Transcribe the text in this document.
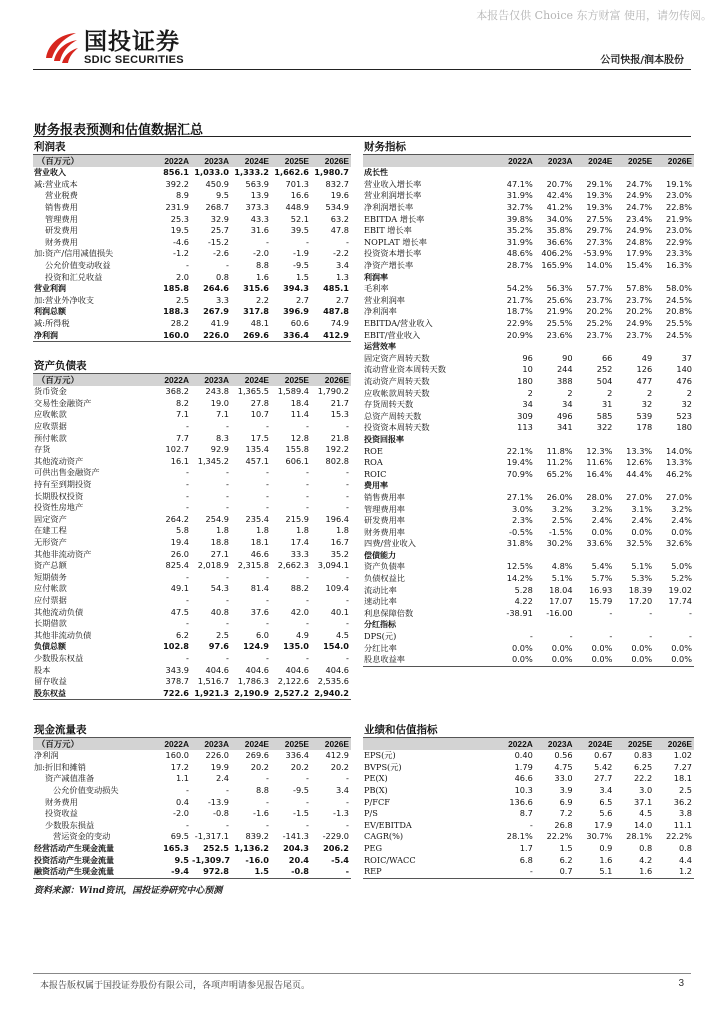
本报告仅供 Choice 东方财富 使用，请勿传阅。
国投证券
SDIC SECURITIES	公司快报/润本股份
财务报表预测和估值数据汇总
利润表
（百万元）	2022A	2023A	2024E	2025E	2026E
营业收入	856.1	1,033.0	1,333.2	1,662.6	1,980.7
减:营业成本	392.2	450.9	563.9	701.3	832.7
营业税费	8.9	9.5	13.9	16.6	19.6
销售费用	231.9	268.7	373.3	448.9	534.9
管理费用	25.3	32.9	43.3	52.1	63.2
研发费用	19.5	25.7	31.6	39.5	47.8
财务费用	-4.6	-15.2	-	-	-
加:资产/信用减值损失	-1.2	-2.6	-2.0	-1.9	-2.2
公允价值变动收益	-	-	8.8	-9.5	3.4
投资和汇兑收益	2.0	0.8	1.6	1.5	1.3
营业利润	185.8	264.6	315.6	394.3	485.1
加:营业外净收支	2.5	3.3	2.2	2.7	2.7
利润总额	188.3	267.9	317.8	396.9	487.8
减:所得税	28.2	41.9	48.1	60.6	74.9
净利润	160.0	226.0	269.6	336.4	412.9
资产负债表
（百万元）	2022A	2023A	2024E	2025E	2026E
货币资金	368.2	243.8	1,365.5	1,589.4	1,790.2
交易性金融资产	8.2	19.0	27.8	18.4	21.7
应收帐款	7.1	7.1	10.7	11.4	15.3
应收票据	-	-	-	-	-
预付帐款	7.7	8.3	17.5	12.8	21.8
存货	102.7	92.9	135.4	155.8	192.2
其他流动资产	16.1	1,345.2	457.1	606.1	802.8
可供出售金融资产	-	-	-	-	-
持有至到期投资	-	-	-	-	-
长期股权投资	-	-	-	-	-
投资性房地产	-	-	-	-	-
固定资产	264.2	254.9	235.4	215.9	196.4
在建工程	5.8	1.8	1.8	1.8	1.8
无形资产	19.4	18.8	18.1	17.4	16.7
其他非流动资产	26.0	27.1	46.6	33.3	35.2
资产总额	825.4	2,018.9	2,315.8	2,662.3	3,094.1
短期债务	-	-	-	-	-
应付帐款	49.1	54.3	81.4	88.2	109.4
应付票据	-	-	-	-	-
其他流动负债	47.5	40.8	37.6	42.0	40.1
长期借款	-	-	-	-	-
其他非流动负债	6.2	2.5	6.0	4.9	4.5
负债总额	102.8	97.6	124.9	135.0	154.0
少数股东权益	-	-	-	-	-
股本	343.9	404.6	404.6	404.6	404.6
留存收益	378.7	1,516.7	1,786.3	2,122.6	2,535.6
股东权益	722.6	1,921.3	2,190.9	2,527.2	2,940.2
现金流量表
（百万元）	2022A	2023A	2024E	2025E	2026E
净利润	160.0	226.0	269.6	336.4	412.9
加:折旧和摊销	17.2	19.9	20.2	20.2	20.2
资产减值准备	1.1	2.4	-	-	-
公允价值变动损失	-	-	8.8	-9.5	3.4
财务费用	0.4	-13.9	-	-	-
投资收益	-2.0	-0.8	-1.6	-1.5	-1.3
少数股东损益	-	-	-	-	-
营运资金的变动	69.5	-1,317.1	839.2	-141.3	-229.0
经营活动产生现金流量	165.3	252.5	1,136.2	204.3	206.2
投资活动产生现金流量	9.5	-1,309.7	-16.0	20.4	-5.4
融资活动产生现金流量	-9.4	972.8	1.5	-0.8	-
财务指标
	2022A	2023A	2024E	2025E	2026E
成长性					
营业收入增长率	47.1%	20.7%	29.1%	24.7%	19.1%
营业利润增长率	31.9%	42.4%	19.3%	24.9%	23.0%
净利润增长率	32.7%	41.2%	19.3%	24.7%	22.8%
EBITDA 增长率	39.8%	34.0%	27.5%	23.4%	21.9%
EBIT 增长率	35.2%	35.8%	29.7%	24.9%	23.0%
NOPLAT 增长率	31.9%	36.6%	27.3%	24.8%	22.9%
投资资本增长率	48.6%	406.2%	-53.9%	17.9%	23.3%
净资产增长率	28.7%	165.9%	14.0%	15.4%	16.3%
利润率					
毛利率	54.2%	56.3%	57.7%	57.8%	58.0%
营业利润率	21.7%	25.6%	23.7%	23.7%	24.5%
净利润率	18.7%	21.9%	20.2%	20.2%	20.8%
EBITDA/营业收入	22.9%	25.5%	25.2%	24.9%	25.5%
EBIT/营业收入	20.9%	23.6%	23.7%	23.7%	24.5%
运营效率					
固定资产周转天数	96	90	66	49	37
流动营业资本周转天数	10	244	252	126	140
流动资产周转天数	180	388	504	477	476
应收帐款周转天数	2	2	2	2	2
存货周转天数	34	34	31	32	32
总资产周转天数	309	496	585	539	523
投资资本周转天数	113	341	322	178	180
投资回报率					
ROE	22.1%	11.8%	12.3%	13.3%	14.0%
ROA	19.4%	11.2%	11.6%	12.6%	13.3%
ROIC	70.9%	65.2%	16.4%	44.4%	46.2%
费用率					
销售费用率	27.1%	26.0%	28.0%	27.0%	27.0%
管理费用率	3.0%	3.2%	3.2%	3.1%	3.2%
研发费用率	2.3%	2.5%	2.4%	2.4%	2.4%
财务费用率	-0.5%	-1.5%	0.0%	0.0%	0.0%
四费/营业收入	31.8%	30.2%	33.6%	32.5%	32.6%
偿债能力					
资产负债率	12.5%	4.8%	5.4%	5.1%	5.0%
负债权益比	14.2%	5.1%	5.7%	5.3%	5.2%
流动比率	5.28	18.04	16.93	18.39	19.02
速动比率	4.22	17.07	15.79	17.20	17.74
利息保障倍数	-38.91	-16.00	-	-	-
分红指标					
DPS(元)	-	-	-	-	-
分红比率	0.0%	0.0%	0.0%	0.0%	0.0%
股息收益率	0.0%	0.0%	0.0%	0.0%	0.0%
业绩和估值指标
	2022A	2023A	2024E	2025E	2026E
EPS(元)	0.40	0.56	0.67	0.83	1.02
BVPS(元)	1.79	4.75	5.42	6.25	7.27
PE(X)	46.6	33.0	27.7	22.2	18.1
PB(X)	10.3	3.9	3.4	3.0	2.5
P/FCF	136.6	6.9	6.5	37.1	36.2
P/S	8.7	7.2	5.6	4.5	3.8
EV/EBITDA	-	26.8	17.9	14.0	11.1
CAGR(%)	28.1%	22.2%	30.7%	28.1%	22.2%
PEG	1.7	1.5	0.9	0.8	0.8
ROIC/WACC	6.8	6.2	1.6	4.2	4.4
REP	-	0.7	5.1	1.6	1.2
资料来源：Wind资讯，国投证券研究中心预测
本报告版权属于国投证券股份有限公司，各项声明请参见报告尾页。	3
